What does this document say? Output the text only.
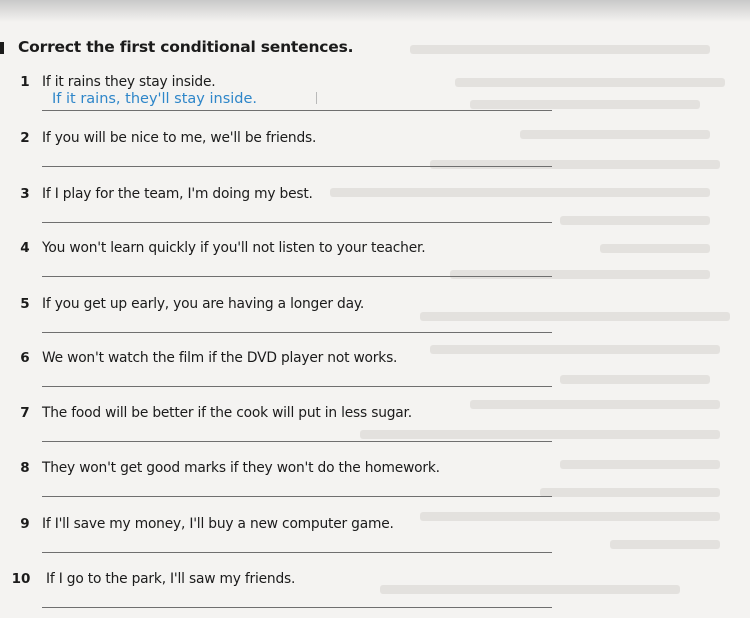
Correct the first conditional sentences.
1 If it rains they stay inside.
If it rains, they'll stay inside.
2 If you will be nice to me, we'll be friends.
3 If I play for the team, I'm doing my best.
4 You won't learn quickly if you'll not listen to your teacher.
5 If you get up early, you are having a longer day.
6 We won't watch the film if the DVD player not works.
7 The food will be better if the cook will put in less sugar.
8 They won't get good marks if they won't do the homework.
9 If I'll save my money, I'll buy a new computer game.
10 If I go to the park, I'll saw my friends.
